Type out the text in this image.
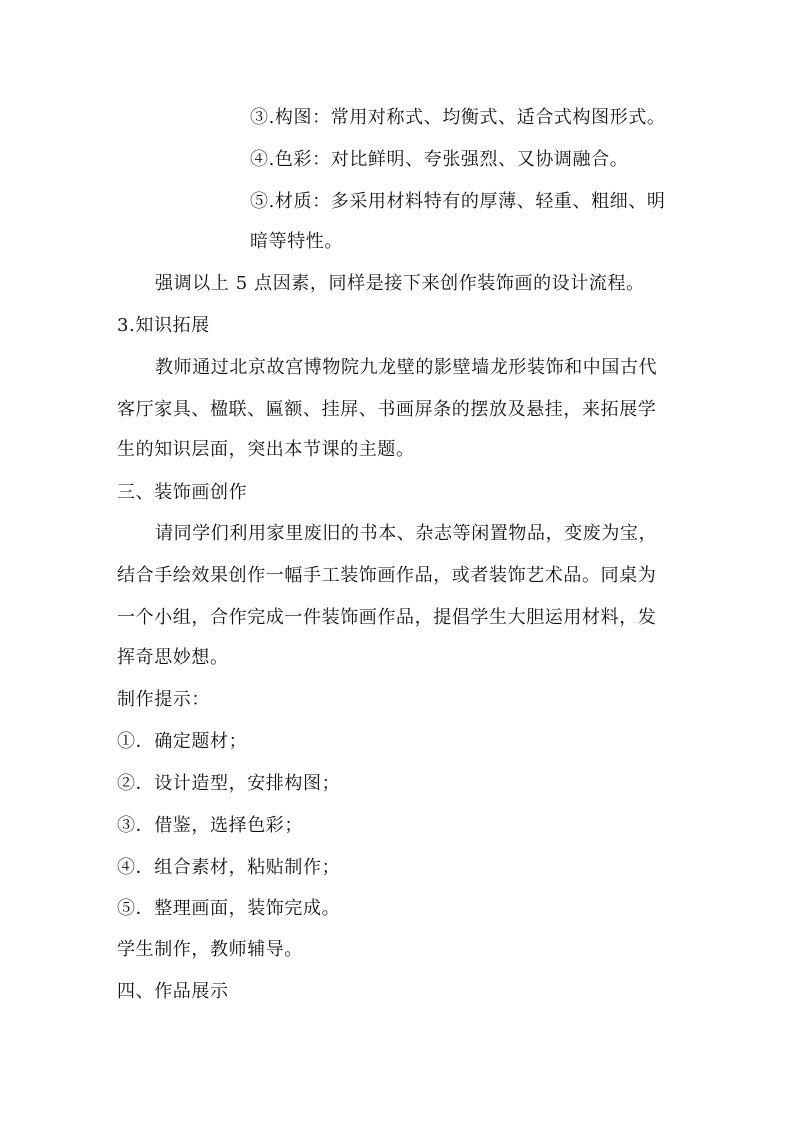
③.构图：常用对称式、均衡式、适合式构图形式。
④.色彩：对比鲜明、夸张强烈、又协调融合。
⑤.材质：多采用材料特有的厚薄、轻重、粗细、明
暗等特性。
强调以上 5 点因素，同样是接下来创作装饰画的设计流程。
3.知识拓展
教师通过北京故宫博物院九龙壁的影壁墙龙形装饰和中国古代
客厅家具、楹联、匾额、挂屏、书画屏条的摆放及悬挂，来拓展学
生的知识层面，突出本节课的主题。
三、装饰画创作
请同学们利用家里废旧的书本、杂志等闲置物品，变废为宝，
结合手绘效果创作一幅手工装饰画作品，或者装饰艺术品。同桌为
一个小组，合作完成一件装饰画作品，提倡学生大胆运用材料，发
挥奇思妙想。
制作提示：
①．确定题材；
②．设计造型，安排构图；
③．借鉴，选择色彩；
④．组合素材，粘贴制作；
⑤．整理画面，装饰完成。
学生制作，教师辅导。
四、作品展示
